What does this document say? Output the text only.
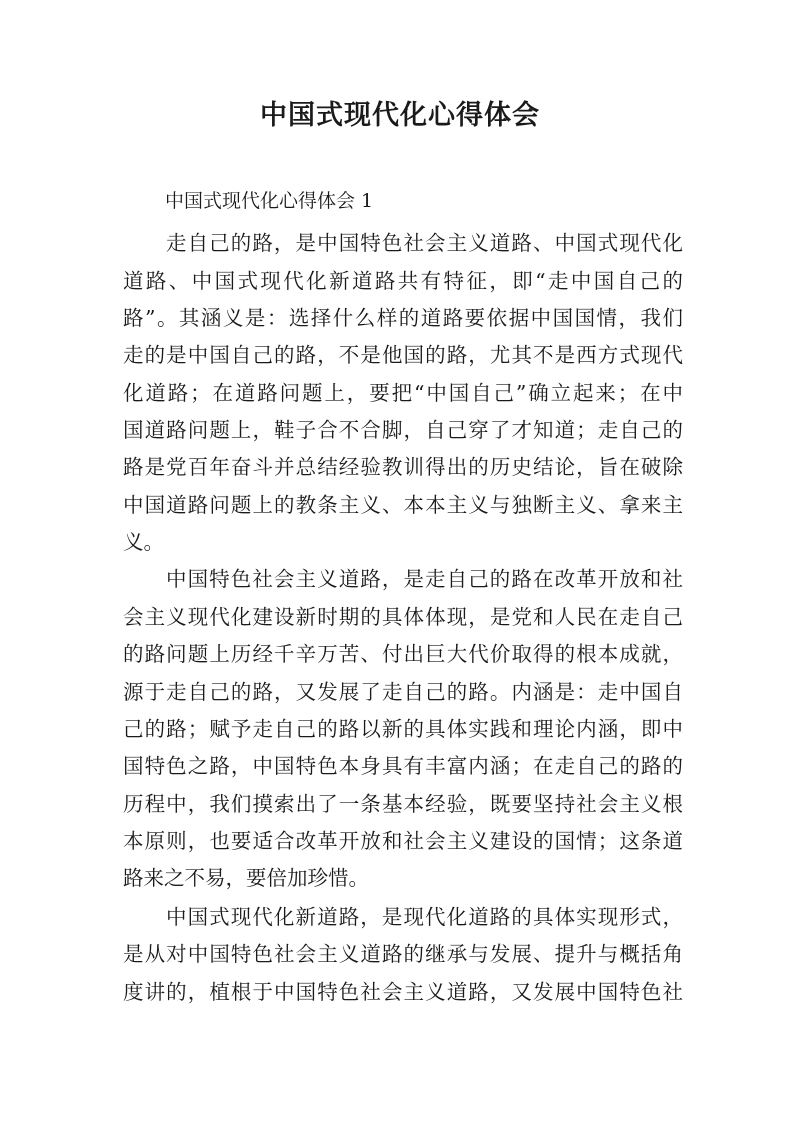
中国式现代化心得体会

中国式现代化心得体会 1

走自己的路，是中国特色社会主义道路、中国式现代化

道路、中国式现代化新道路共有特征，即“走中国自己的

路”。其涵义是：选择什么样的道路要依据中国国情，我们

走的是中国自己的路，不是他国的路，尤其不是西方式现代

化道路；在道路问题上，要把“中国自己”确立起来；在中

国道路问题上，鞋子合不合脚，自己穿了才知道；走自己的

路是党百年奋斗并总结经验教训得出的历史结论，旨在破除

中国道路问题上的教条主义、本本主义与独断主义、拿来主

义。

中国特色社会主义道路，是走自己的路在改革开放和社

会主义现代化建设新时期的具体体现，是党和人民在走自己

的路问题上历经千辛万苦、付出巨大代价取得的根本成就，

源于走自己的路，又发展了走自己的路。内涵是：走中国自

己的路；赋予走自己的路以新的具体实践和理论内涵，即中

国特色之路，中国特色本身具有丰富内涵；在走自己的路的

历程中，我们摸索出了一条基本经验，既要坚持社会主义根

本原则，也要适合改革开放和社会主义建设的国情；这条道

路来之不易，要倍加珍惜。

中国式现代化新道路，是现代化道路的具体实现形式，

是从对中国特色社会主义道路的继承与发展、提升与概括角

度讲的，植根于中国特色社会主义道路，又发展中国特色社
